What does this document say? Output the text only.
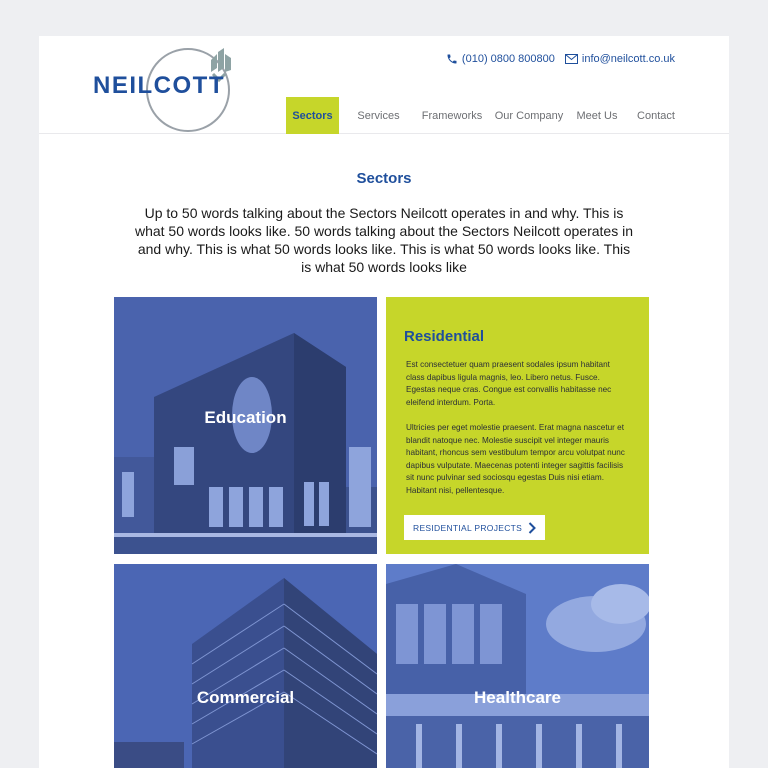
NEILCOTT
(010) 0800 800800 info@neilcott.co.uk
Sectors	Services	Frameworks	Our Company	Meet Us	Contact
Sectors
Up to 50 words talking about the Sectors Neilcott operates in and why. This is what 50 words looks like. 50 words talking about the Sectors Neilcott operates in and why. This is what 50 words looks like. This is what 50 words looks like. This is what 50 words looks like
Education
Residential

Est consectetuer quam praesent sodales ipsum habitant class dapibus ligula magnis, leo. Libero netus. Fusce. Egestas neque cras. Congue est convallis habitasse nec eleifend interdum. Porta.

Ultricies per eget molestie praesent. Erat magna nascetur et blandit natoque nec. Molestie suscipit vel integer mauris habitant, rhoncus sem vestibulum tempor arcu volutpat nunc dapibus vulputate. Maecenas potenti integer sagittis facilisis sit nunc pulvinar sed sociosqu egestas Duis nisi etiam. Habitant nisi, pellentesque.

RESIDENTIAL PROJECTS
Commercial	Healthcare
